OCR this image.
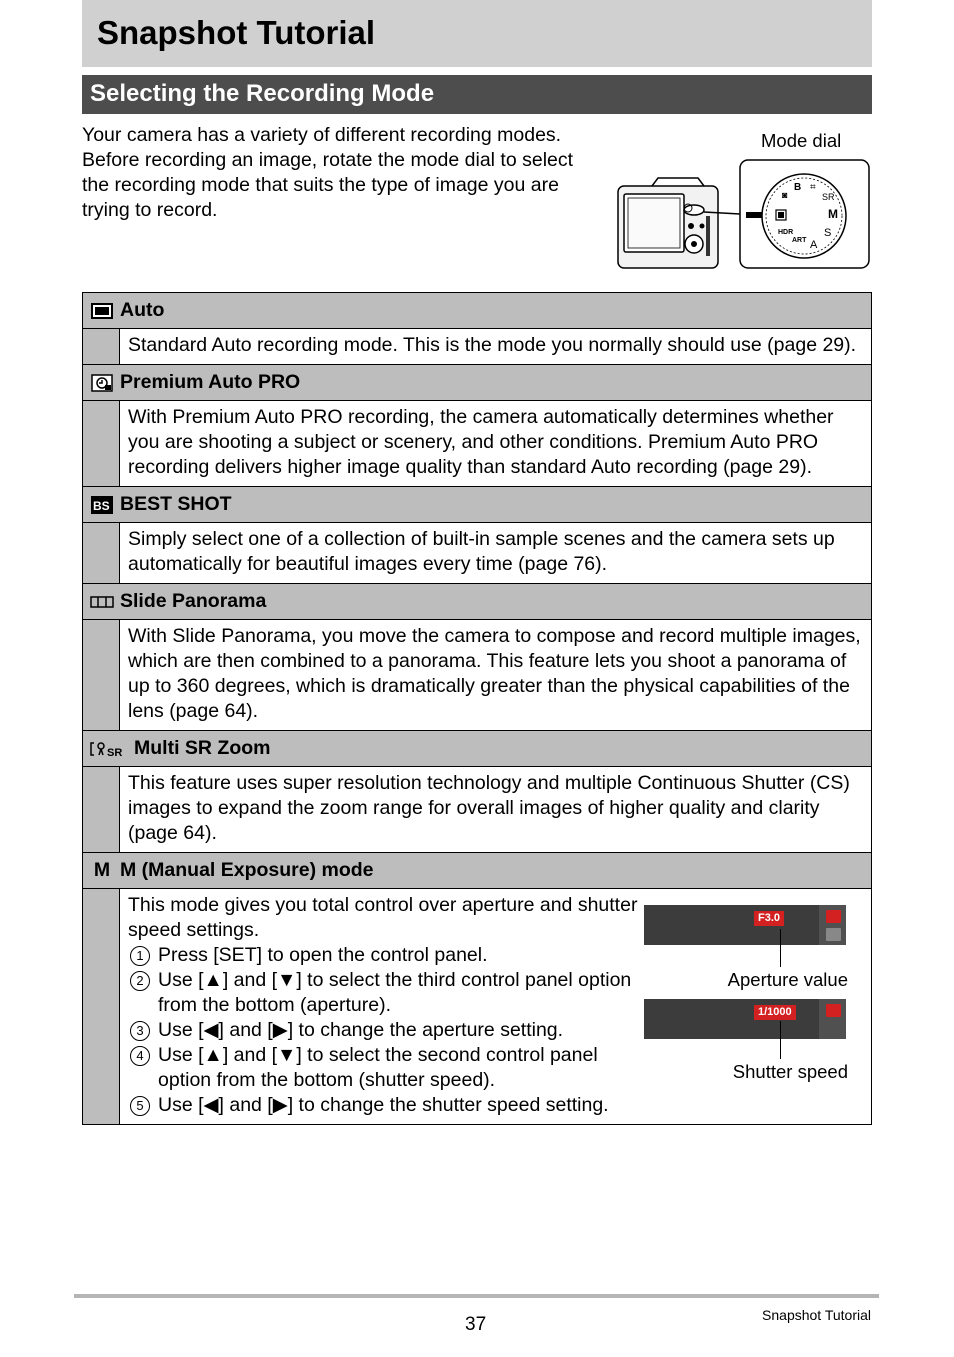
Snapshot Tutorial
Selecting the Recording Mode

Your camera has a variety of different recording modes. Before recording an image, rotate the mode dial to select the recording mode that suits the type of image you are trying to record.

Mode dial
◙
B ⌗
SR
M
S
A
ART
HDR
Auto
Standard Auto recording mode. This is the mode you normally should use (page 29).
Premium Auto PRO
With Premium Auto PRO recording, the camera automatically determines whether you are shooting a subject or scenery, and other conditions. Premium Auto PRO recording delivers higher image quality than standard Auto recording (page 29).
BS BEST SHOT
Simply select one of a collection of built-in sample scenes and the camera sets up automatically for beautiful images every time (page 76).
Slide Panorama
With Slide Panorama, you move the camera to compose and record multiple images, which are then combined to a panorama. This feature lets you shoot a panorama of up to 360 degrees, which is dramatically greater than the physical capabilities of the lens (page 64).
SR Multi SR Zoom
This feature uses super resolution technology and multiple Continuous Shutter (CS) images to expand the zoom range for overall images of higher quality and clarity (page 64).
M M (Manual Exposure) mode
This mode gives you total control over aperture and shutter speed settings.
1 Press [SET] to open the control panel.
2 Use [▲] and [▼] to select the third control panel option from the bottom (aperture).
3 Use [◀] and [▶] to change the aperture setting.
4 Use [▲] and [▼] to select the second control panel option from the bottom (shutter speed).
5 Use [◀] and [▶] to change the shutter speed setting.
F3.0
Aperture value
1/1000
Shutter speed
37	Snapshot Tutorial
